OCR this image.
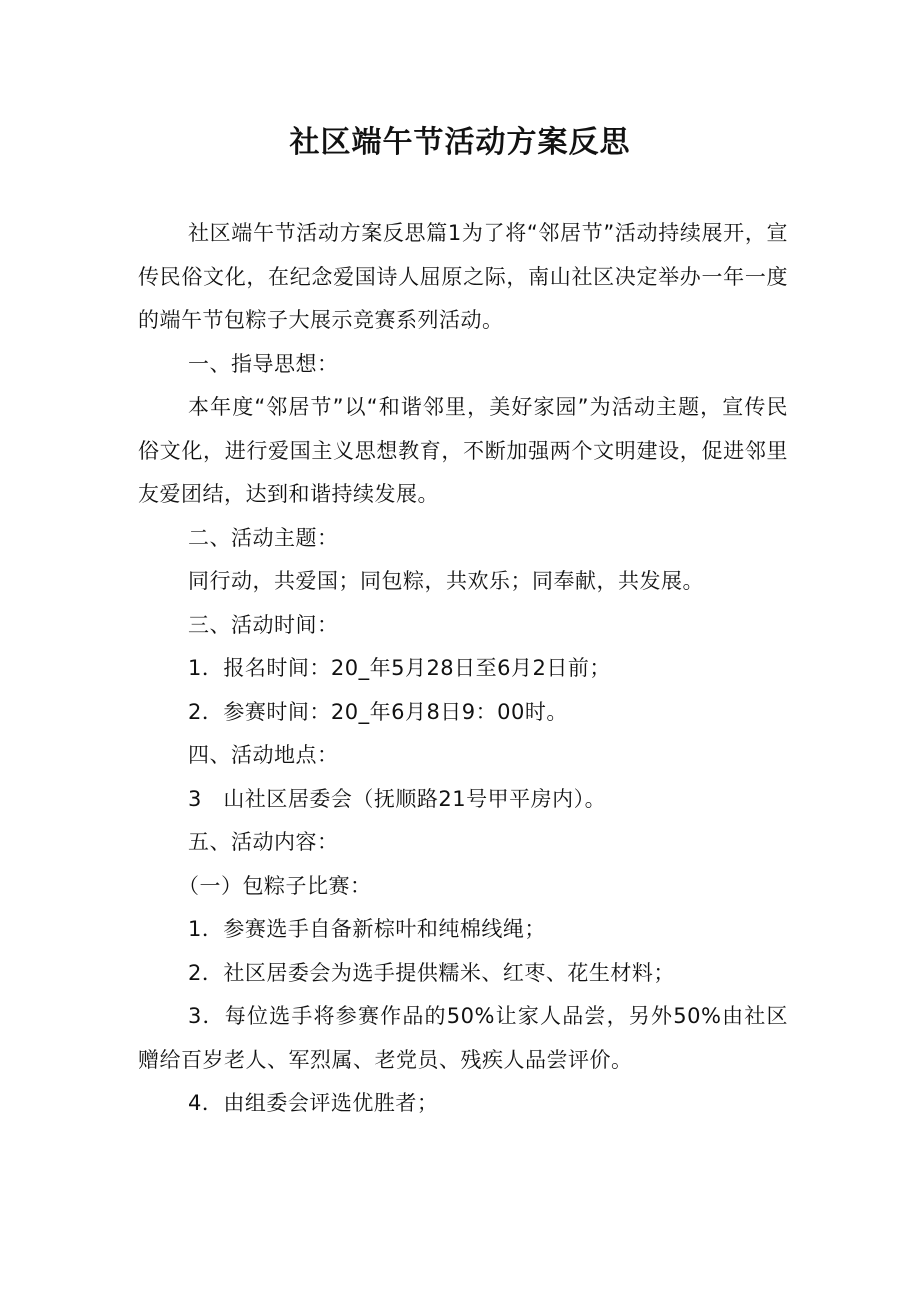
社区端午节活动方案反思

社区端午节活动方案反思篇1为了将“邻居节”活动持续展开，宣传民俗文化，在纪念爱国诗人屈原之际，南山社区决定举办一年一度的端午节包粽子大展示竞赛系列活动。

一、指导思想：

本年度“邻居节”以“和谐邻里，美好家园”为活动主题，宣传民俗文化，进行爱国主义思想教育，不断加强两个文明建设，促进邻里友爱团结，达到和谐持续发展。

二、活动主题：

同行动，共爱国；同包粽，共欢乐；同奉献，共发展。

三、活动时间：

1．报名时间：20_年5月28日至6月2日前；

2．参赛时间：20_年6月8日9：00时。

四、活动地点：

3　山社区居委会（抚顺路21号甲平房内）。

五、活动内容：

（一）包粽子比赛：

1．参赛选手自备新棕叶和纯棉线绳；

2．社区居委会为选手提供糯米、红枣、花生材料；

3．每位选手将参赛作品的50%让家人品尝，另外50%由社区赠给百岁老人、军烈属、老党员、残疾人品尝评价。

4．由组委会评选优胜者；
